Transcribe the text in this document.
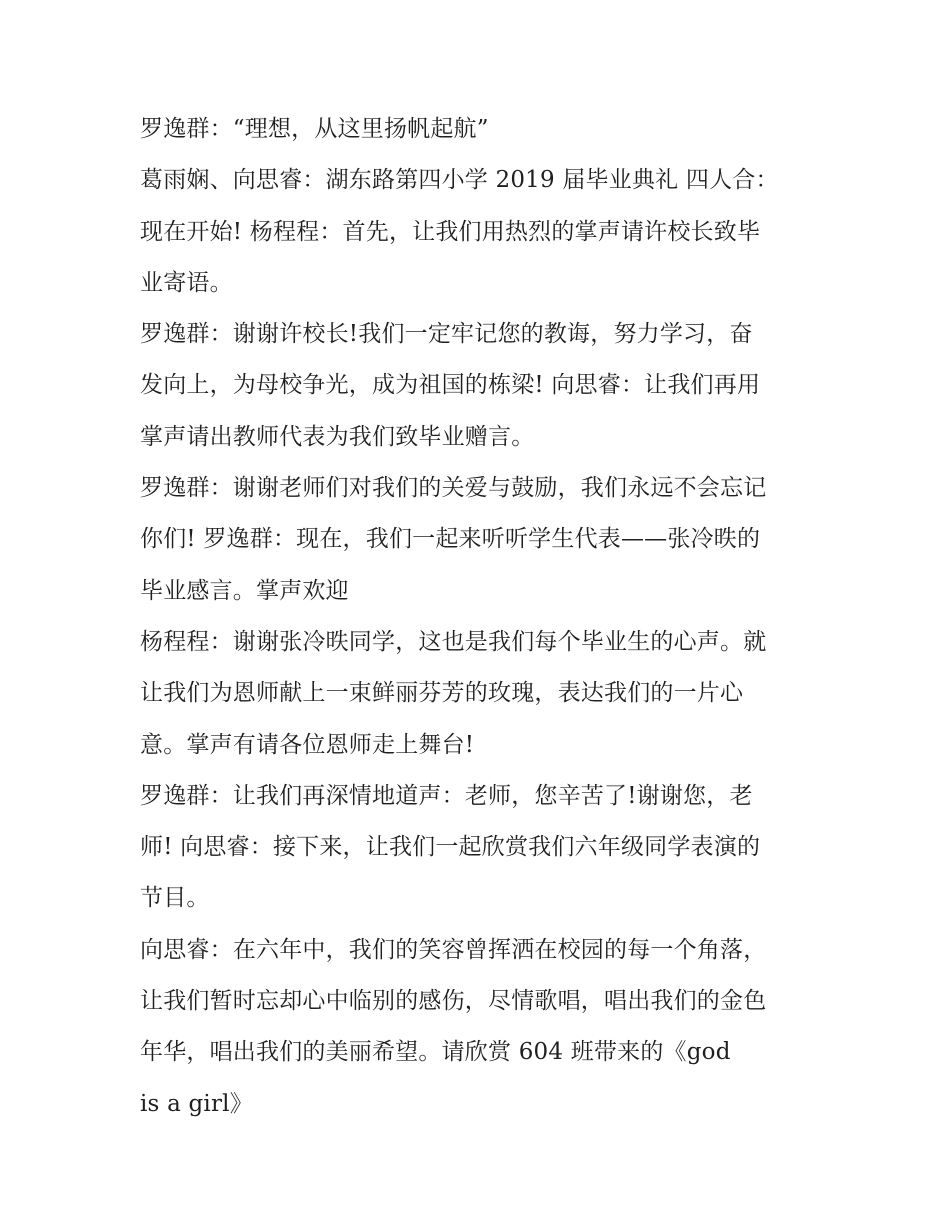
罗逸群：“理想，从这里扬帆起航”
葛雨娴、向思睿：湖东路第四小学 2019 届毕业典礼 四人合：
现在开始! 杨程程：首先，让我们用热烈的掌声请许校长致毕
业寄语。
罗逸群：谢谢许校长!我们一定牢记您的教诲，努力学习，奋
发向上，为母校争光，成为祖国的栋梁! 向思睿：让我们再用
掌声请出教师代表为我们致毕业赠言。
罗逸群：谢谢老师们对我们的关爱与鼓励，我们永远不会忘记
你们! 罗逸群：现在，我们一起来听听学生代表——张冷昳的
毕业感言。掌声欢迎
杨程程：谢谢张冷昳同学，这也是我们每个毕业生的心声。就
让我们为恩师献上一束鲜丽芬芳的玫瑰，表达我们的一片心
意。掌声有请各位恩师走上舞台!
罗逸群：让我们再深情地道声：老师，您辛苦了!谢谢您，老
师! 向思睿：接下来，让我们一起欣赏我们六年级同学表演的
节目。
向思睿：在六年中，我们的笑容曾挥洒在校园的每一个角落，
让我们暂时忘却心中临别的感伤，尽情歌唱，唱出我们的金色
年华，唱出我们的美丽希望。请欣赏 604 班带来的《god
is a girl》
